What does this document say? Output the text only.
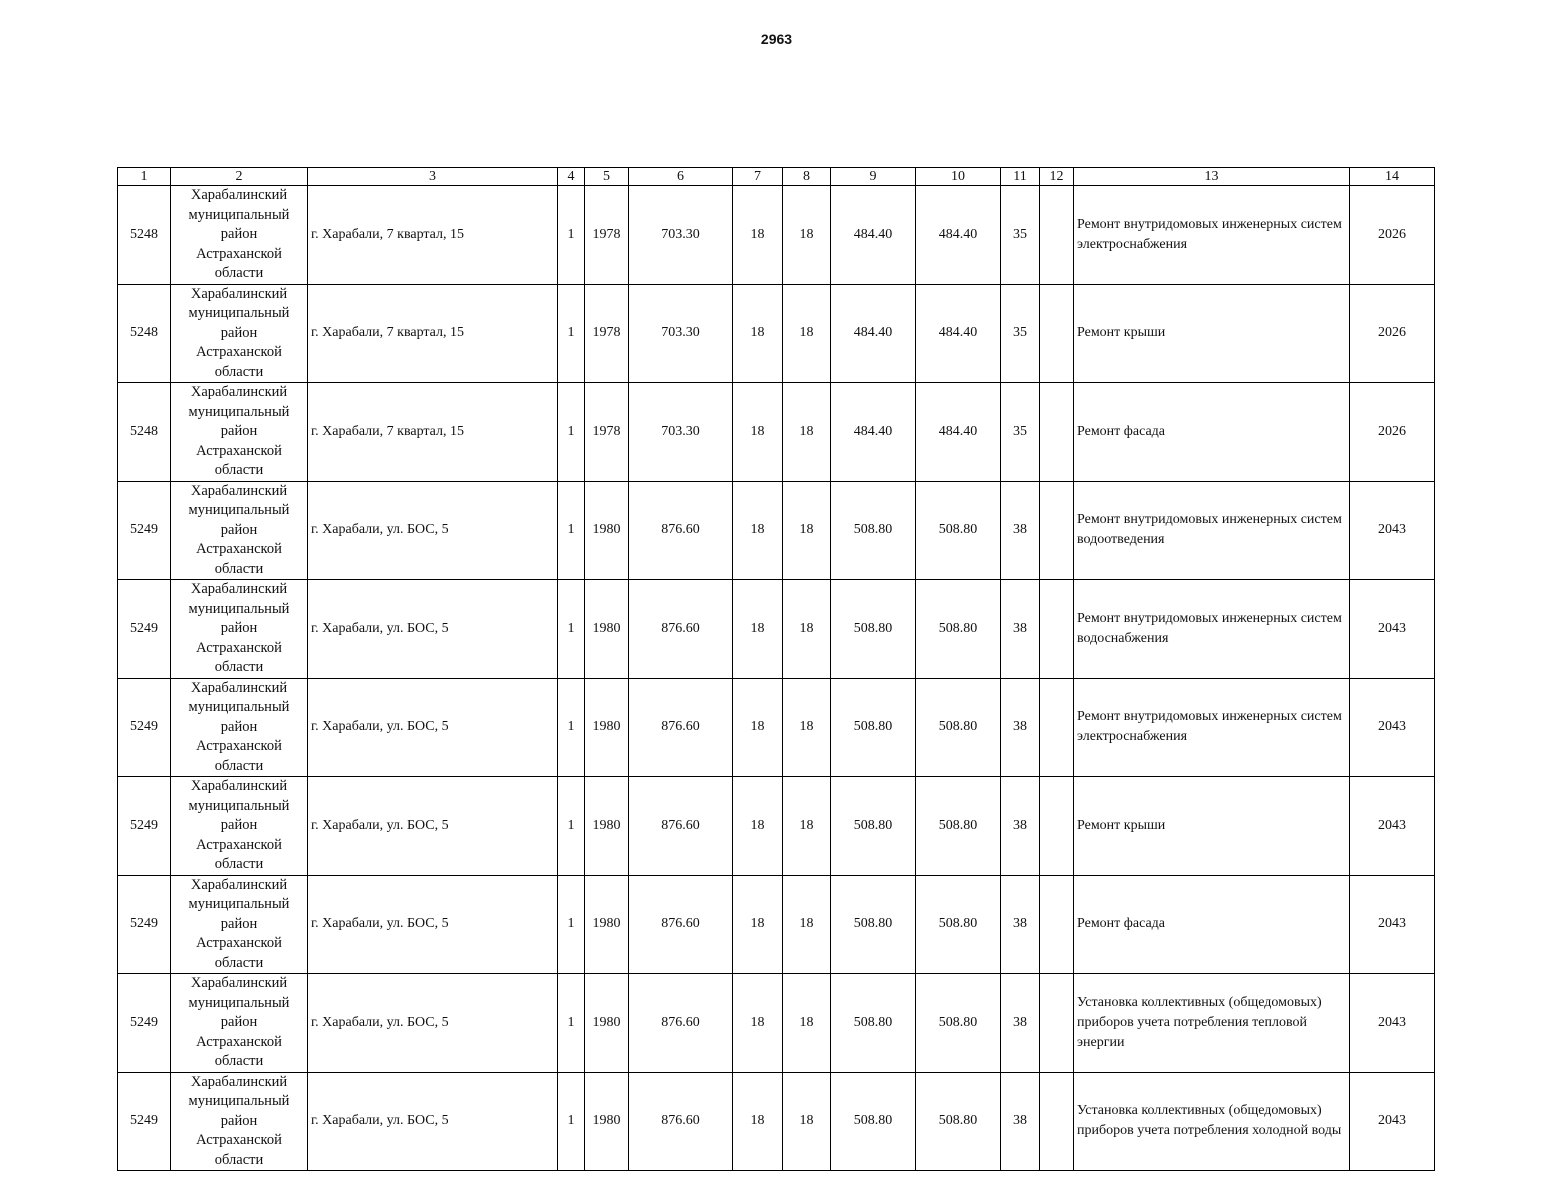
2963
1	2	3	4	5	6	7	8	9	10	11	12	13	14
5248	Харабалинский
муниципальный
район
Астраханской
области	г. Харабали, 7 квартал, 15	1	1978	703.30	18	18	484.40	484.40	35		Ремонт внутридомовых инженерных систем электроснабжения	2026
5248	Харабалинский
муниципальный
район
Астраханской
области	г. Харабали, 7 квартал, 15	1	1978	703.30	18	18	484.40	484.40	35		Ремонт крыши	2026
5248	Харабалинский
муниципальный
район
Астраханской
области	г. Харабали, 7 квартал, 15	1	1978	703.30	18	18	484.40	484.40	35		Ремонт фасада	2026
5249	Харабалинский
муниципальный
район
Астраханской
области	г. Харабали, ул. БОС, 5	1	1980	876.60	18	18	508.80	508.80	38		Ремонт внутридомовых инженерных систем водоотведения	2043
5249	Харабалинский
муниципальный
район
Астраханской
области	г. Харабали, ул. БОС, 5	1	1980	876.60	18	18	508.80	508.80	38		Ремонт внутридомовых инженерных систем водоснабжения	2043
5249	Харабалинский
муниципальный
район
Астраханской
области	г. Харабали, ул. БОС, 5	1	1980	876.60	18	18	508.80	508.80	38		Ремонт внутридомовых инженерных систем электроснабжения	2043
5249	Харабалинский
муниципальный
район
Астраханской
области	г. Харабали, ул. БОС, 5	1	1980	876.60	18	18	508.80	508.80	38		Ремонт крыши	2043
5249	Харабалинский
муниципальный
район
Астраханской
области	г. Харабали, ул. БОС, 5	1	1980	876.60	18	18	508.80	508.80	38		Ремонт фасада	2043
5249	Харабалинский
муниципальный
район
Астраханской
области	г. Харабали, ул. БОС, 5	1	1980	876.60	18	18	508.80	508.80	38		Установка коллективных (общедомовых) приборов учета потребления тепловой энергии	2043
5249	Харабалинский
муниципальный
район
Астраханской
области	г. Харабали, ул. БОС, 5	1	1980	876.60	18	18	508.80	508.80	38		Установка коллективных (общедомовых) приборов учета потребления холодной воды	2043
